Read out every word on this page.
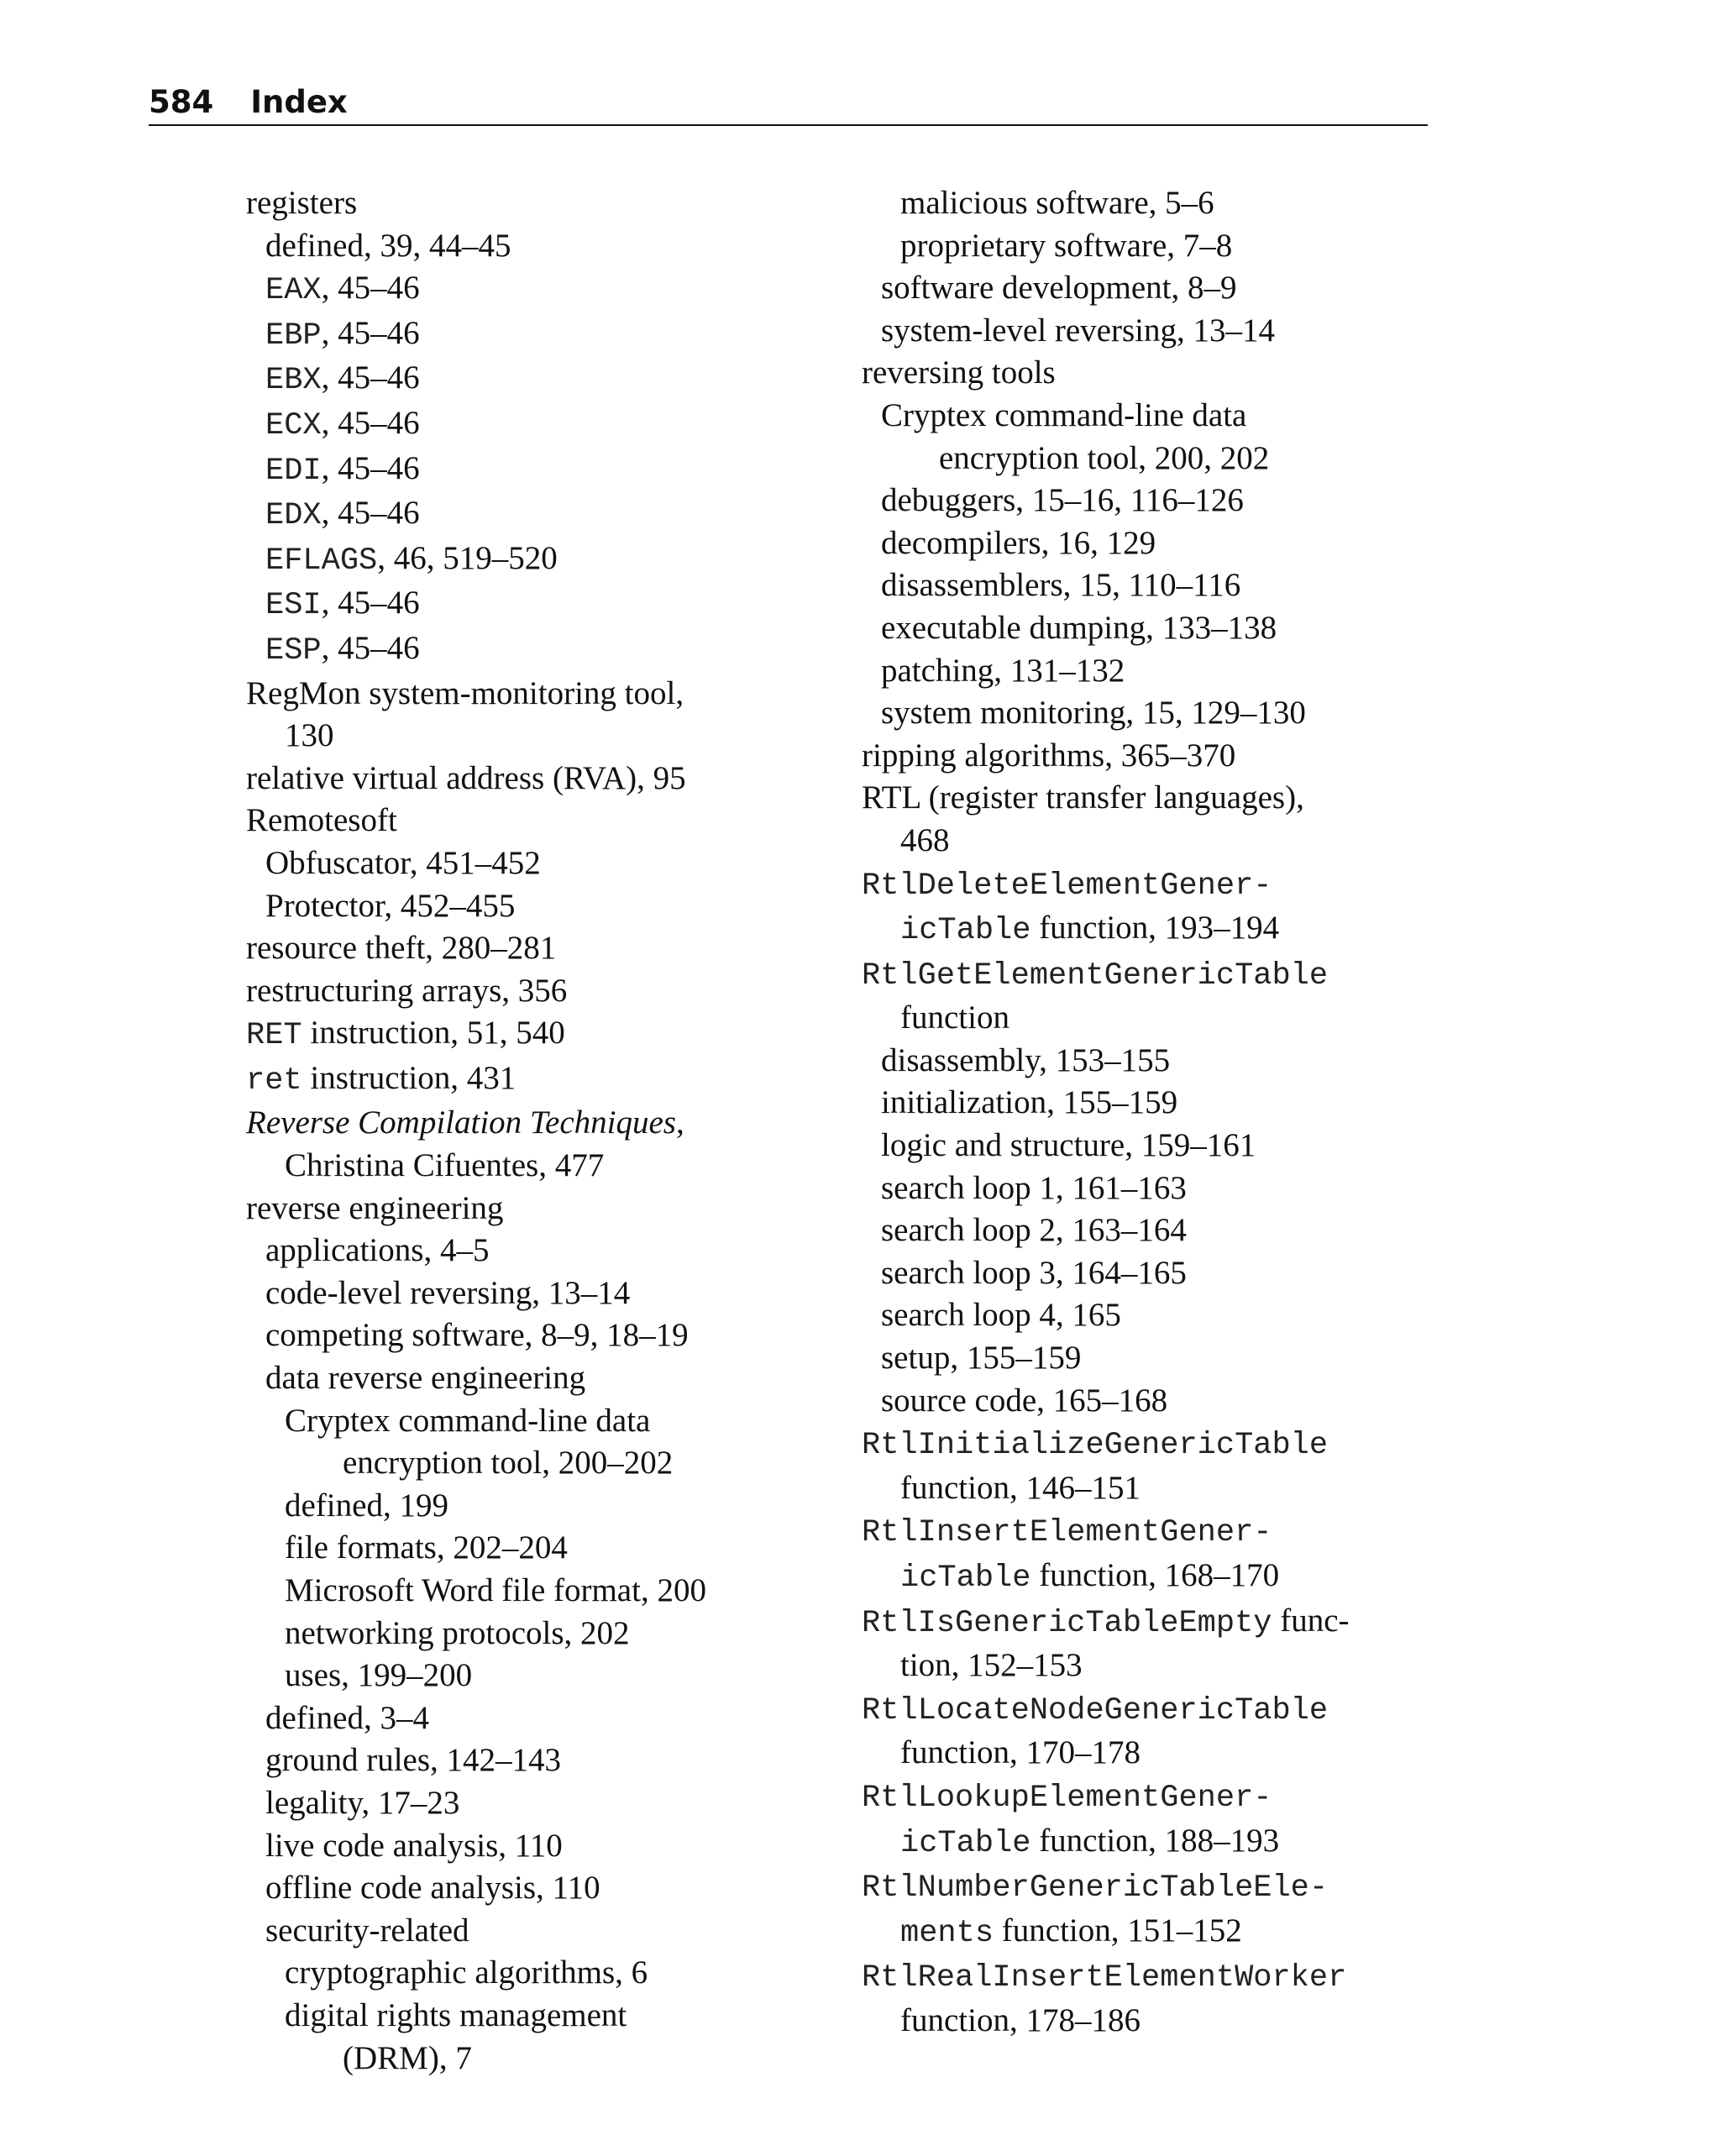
584 Index
registers
defined, 39, 44–45
EAX, 45–46
EBP, 45–46
EBX, 45–46
ECX, 45–46
EDI, 45–46
EDX, 45–46
EFLAGS, 46, 519–520
ESI, 45–46
ESP, 45–46
RegMon system-monitoring tool,
130
relative virtual address (RVA), 95
Remotesoft
Obfuscator, 451–452
Protector, 452–455
resource theft, 280–281
restructuring arrays, 356
RET instruction, 51, 540
ret instruction, 431
Reverse Compilation Techniques,
Christina Cifuentes, 477
reverse engineering
applications, 4–5
code-level reversing, 13–14
competing software, 8–9, 18–19
data reverse engineering
Cryptex command-line data
encryption tool, 200–202
defined, 199
file formats, 202–204
Microsoft Word file format, 200
networking protocols, 202
uses, 199–200
defined, 3–4
ground rules, 142–143
legality, 17–23
live code analysis, 110
offline code analysis, 110
security-related
cryptographic algorithms, 6
digital rights management
(DRM), 7
malicious software, 5–6
proprietary software, 7–8
software development, 8–9
system-level reversing, 13–14
reversing tools
Cryptex command-line data
encryption tool, 200, 202
debuggers, 15–16, 116–126
decompilers, 16, 129
disassemblers, 15, 110–116
executable dumping, 133–138
patching, 131–132
system monitoring, 15, 129–130
ripping algorithms, 365–370
RTL (register transfer languages),
468
RtlDeleteElementGener-
icTable function, 193–194
RtlGetElementGenericTable
function
disassembly, 153–155
initialization, 155–159
logic and structure, 159–161
search loop 1, 161–163
search loop 2, 163–164
search loop 3, 164–165
search loop 4, 165
setup, 155–159
source code, 165–168
RtlInitializeGenericTable
function, 146–151
RtlInsertElementGener-
icTable function, 168–170
RtlIsGenericTableEmpty func-
tion, 152–153
RtlLocateNodeGenericTable
function, 170–178
RtlLookupElementGener-
icTable function, 188–193
RtlNumberGenericTableEle-
ments function, 151–152
RtlRealInsertElementWorker
function, 178–186
